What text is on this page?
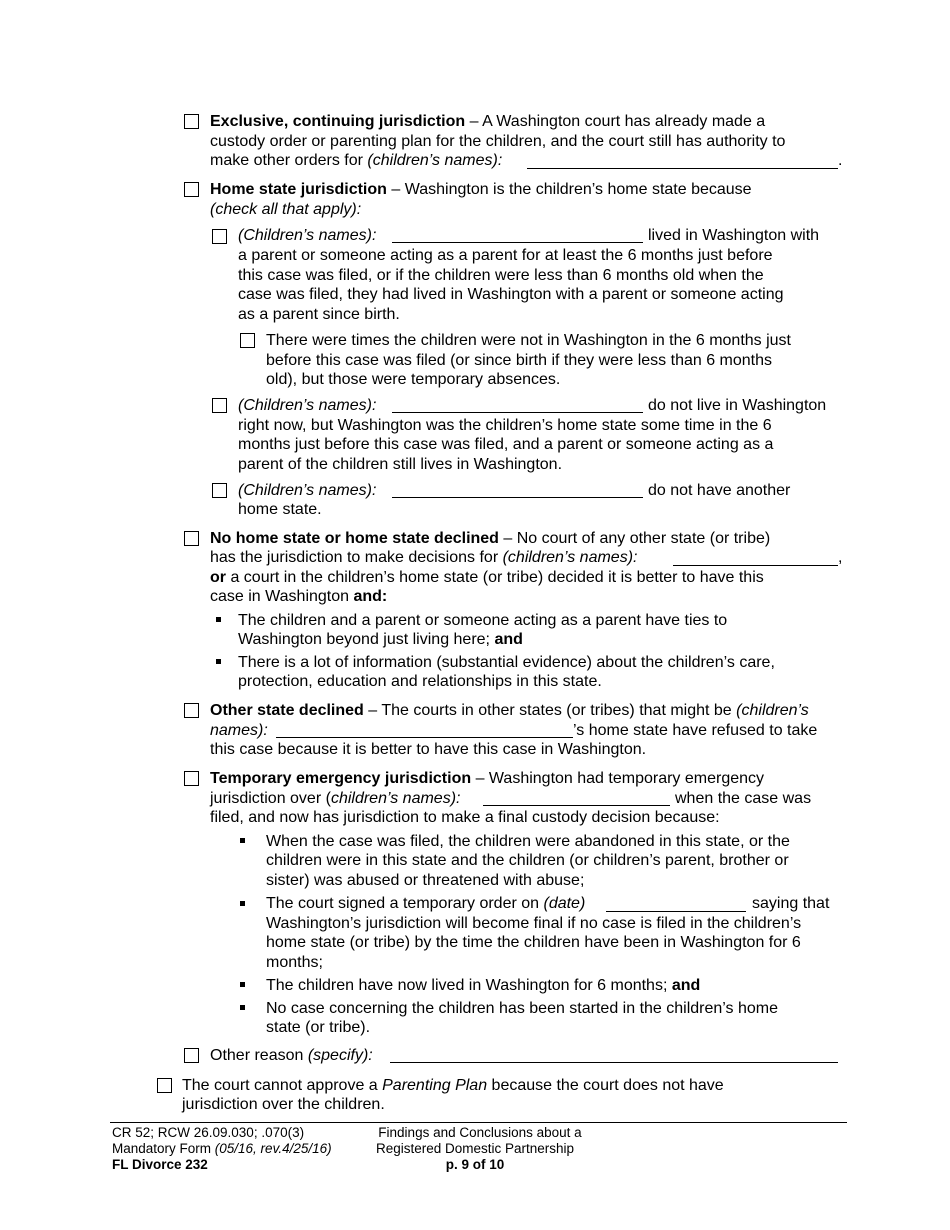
Exclusive, continuing jurisdiction – A Washington court has already made a
custody order or parenting plan for the children, and the court still has authority to
make other orders for (children’s names):	.
Home state jurisdiction – Washington is the children’s home state because
(check all that apply):
(Children’s names):	lived in Washington with
a parent or someone acting as a parent for at least the 6 months just before
this case was filed, or if the children were less than 6 months old when the
case was filed, they had lived in Washington with a parent or someone acting
as a parent since birth.
There were times the children were not in Washington in the 6 months just
before this case was filed (or since birth if they were less than 6 months
old), but those were temporary absences.
(Children’s names):	do not live in Washington
right now, but Washington was the children’s home state some time in the 6
months just before this case was filed, and a parent or someone acting as a
parent of the children still lives in Washington.
(Children’s names):	do not have another
home state.
No home state or home state declined – No court of any other state (or tribe)
has the jurisdiction to make decisions for (children’s names):	,
or a court in the children’s home state (or tribe) decided it is better to have this
case in Washington and:
The children and a parent or someone acting as a parent have ties to
Washington beyond just living here; and
There is a lot of information (substantial evidence) about the children’s care,
protection, education and relationships in this state.
Other state declined – The courts in other states (or tribes) that might be (children’s
names):	’s home state have refused to take
this case because it is better to have this case in Washington.
Temporary emergency jurisdiction – Washington had temporary emergency
jurisdiction over (children’s names):	when the case was
filed, and now has jurisdiction to make a final custody decision because:
When the case was filed, the children were abandoned in this state, or the
children were in this state and the children (or children’s parent, brother or
sister) was abused or threatened with abuse;
The court signed a temporary order on (date)	saying that
Washington’s jurisdiction will become final if no case is filed in the children’s
home state (or tribe) by the time the children have been in Washington for 6
months;
The children have now lived in Washington for 6 months; and
No case concerning the children has been started in the children’s home
state (or tribe).
Other reason (specify):
The court cannot approve a Parenting Plan because the court does not have
jurisdiction over the children.
CR 52; RCW 26.09.030; .070(3)
Mandatory Form (05/16, rev.4/25/16)
FL Divorce 232
Findings and Conclusions about a
Registered Domestic Partnership
p. 9 of 10
